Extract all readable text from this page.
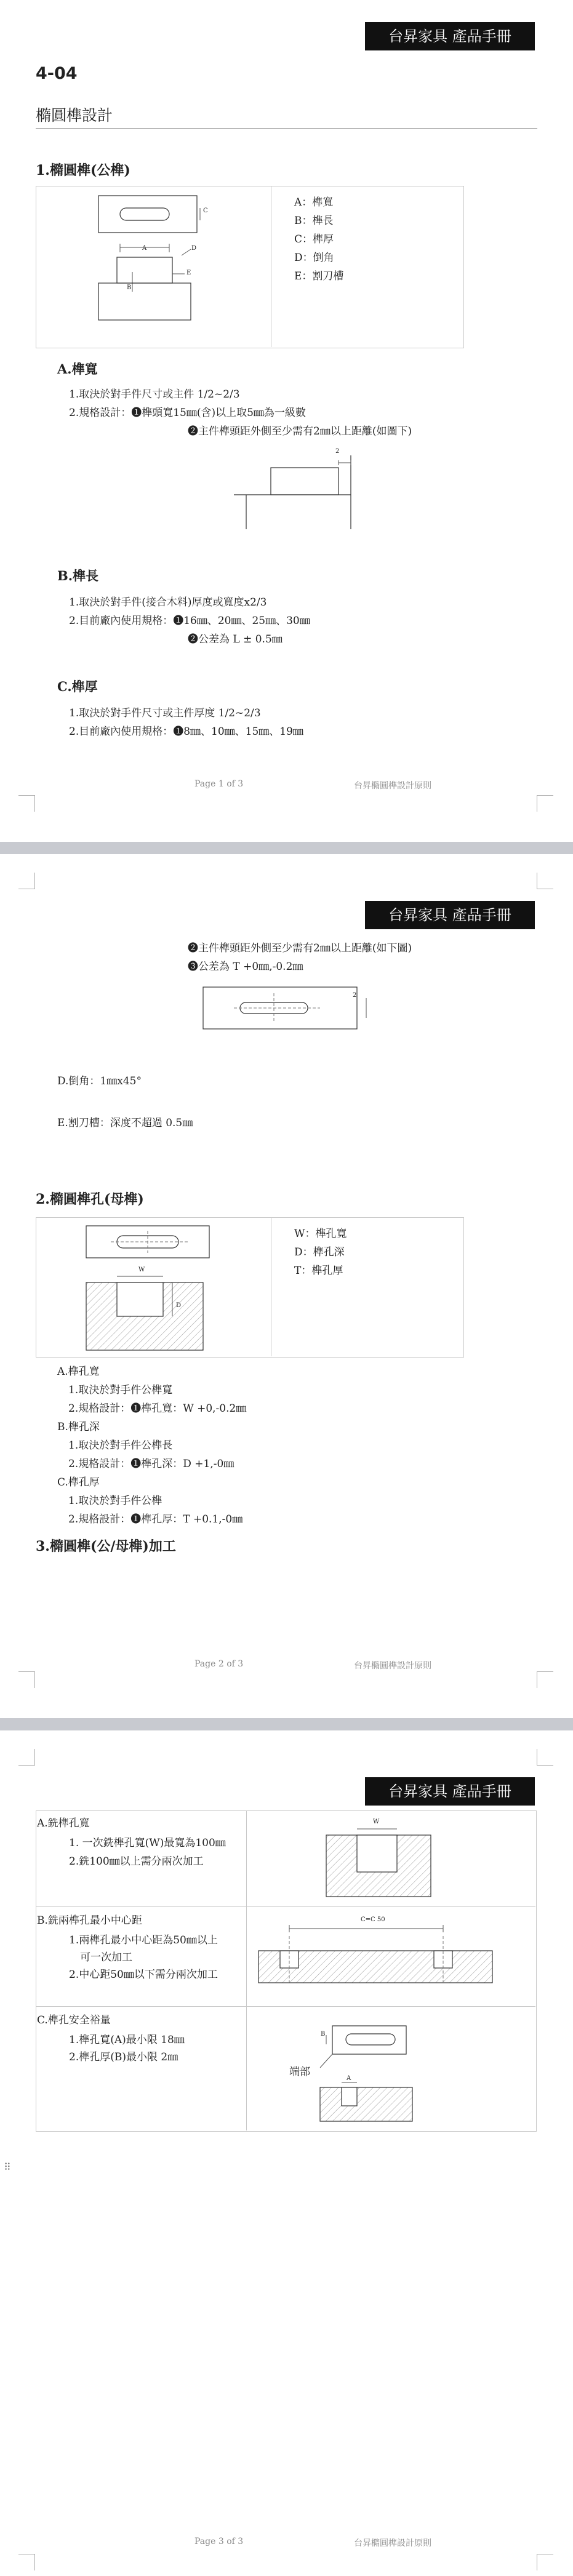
台昇家具 產品手冊
4-04
橢圓榫設計
1.橢圓榫(公榫)
C
A	D
B
E
A：榫寬
B：榫長
C：榫厚
D：倒角
E：割刀槽
A.榫寬
1.取決於對手件尺寸或主件 1/2~2/3
2.規格設計：❶榫頭寬15㎜(含)以上取5㎜為一級數
❷主件榫頭距外側至少需有2㎜以上距離(如圖下)
2
B.榫長
1.取決於對手件(接合木料)厚度或寬度x2/3
2.目前廠內使用規格：❶16㎜、20㎜、25㎜、30㎜
❷公差為 L ± 0.5㎜
C.榫厚
1.取決於對手件尺寸或主件厚度 1/2~2/3
2.目前廠內使用規格：❶8㎜、10㎜、15㎜、19㎜
Page 1 of 3	台昇橢圓榫設計原則
台昇家具 產品手冊
❷主件榫頭距外側至少需有2㎜以上距離(如下圖)
❸公差為 T +0㎜,-0.2㎜
2
D.倒角：1㎜x45°
E.割刀槽：深度不超過 0.5㎜
2.橢圓榫孔(母榫)
W
D
W：榫孔寬
D：榫孔深
T：榫孔厚
A.榫孔寬
1.取決於對手件公榫寬
2.規格設計：❶榫孔寬：W +0,-0.2㎜
B.榫孔深
1.取決於對手件公榫長
2.規格設計：❶榫孔深：D +1,-0㎜
C.榫孔厚
1.取決於對手件公榫
2.規格設計：❶榫孔厚：T +0.1,-0㎜
3.橢圓榫(公/母榫)加工
Page 2 of 3	台昇橢圓榫設計原則
台昇家具 產品手冊
A.銑榫孔寬
1. 一次銑榫孔寬(W)最寬為100㎜
2.銑100㎜以上需分兩次加工
W
B.銑兩榫孔最小中心距
1.兩榫孔最小中心距為50㎜以上
可一次加工
2.中心距50㎜以下需分兩次加工
C=C 50
C.榫孔安全裕量
1.榫孔寬(A)最小限 18㎜
2.榫孔厚(B)最小限 2㎜
B
A
端部
⠿
Page 3 of 3	台昇橢圓榫設計原則
